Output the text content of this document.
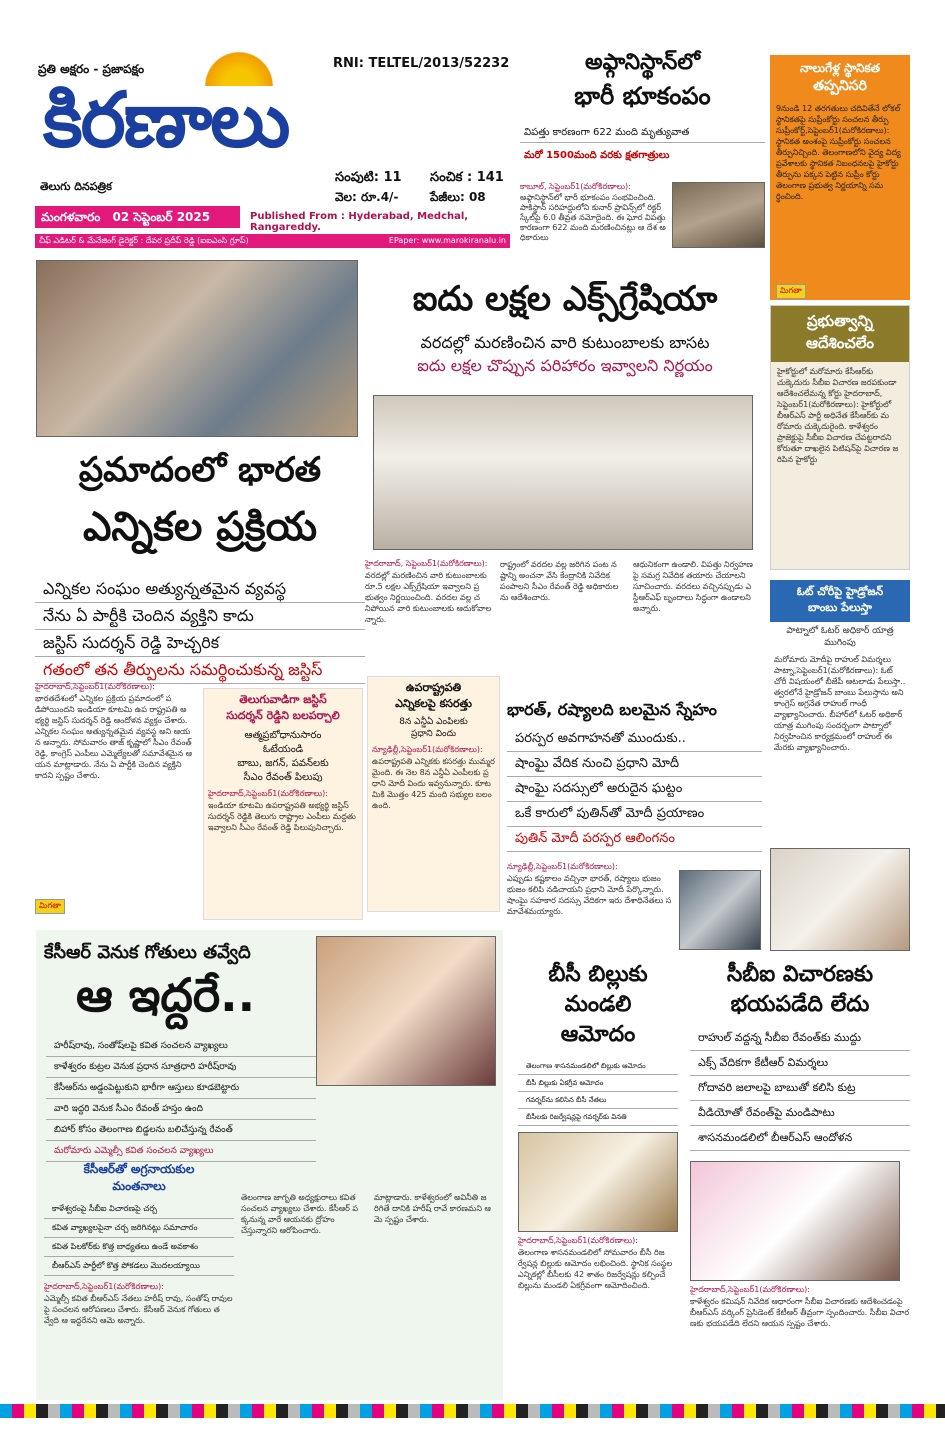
ప్రతి అక్షరం - ప్రజాపక్షం
కిరణాలు
తెలుగు దినపత్రిక
RNI: TELTEL/2013/52232
సంపుటి: 11 సంచిక : 141
వెల: రూ.4/-	పేజీలు: 08
మంగళవారం 02 సెప్టెంబర్ 2025	Published From : Hyderabad, Medchal, Rangareddy.
చీఫ్ ఎడిటర్ & మేనేజింగ్ డైరెక్టర్ : దేవర ప్రదీప్ రెడ్డి (ఐఐఎంసి గ్రూప్)	EPaper: www.marokiranalu.in
అఫ్గానిస్థాన్‌లో
భారీ భూకంపం
విపత్తు కారణంగా 622 మంది మృత్యువాత
మరో 1500మంది వరకు క్షతగాత్రులు
కాబూల్, సెప్టెంబర్1(మరోకిరణాలు):
అఫ్గానిస్థాన్‌లో భారీ భూకంపం సంభవించింది. పాకిస్థాన్ సరిహద్దులోని కునార్ ప్రావిన్స్‌లో రిక్టర్ స్కేల్‌పై 6.0 తీవ్రత నమోదైంది. ఈ ఘోర విపత్తు కారణంగా 622 మంది మరణించినట్లు ఆ దేశ అధికారులు
నాలుగేళ్ల స్థానికత
తప్పనిసరి
9నుండి 12 తరగతులు చదివితేనే లోకల్ స్థానికతపై సుప్రీంకోర్టు సంచలన తీర్పు సుప్రీంకోర్ట్,సెప్టెంబర్1(మరోకిరణాలు): స్థానికత అంశంపై సుప్రీంకోర్టు సంచలన తీర్పునిచ్చింది. తెలంగాణలోని వైద్య విద్య ప్రవేశాలకు స్థానికత నిబంధనలపై హైకోర్టు తీర్పును పక్కన పెట్టిన సుప్రీం కోర్టు తెలంగాణ ప్రభుత్వ నిర్ణయాన్ని సమర్థించింది.
మిగతా
ప్రభుత్వాన్ని
ఆదేశించలేం
హైకోర్టులో మరోమారు కేసీఆర్‌కు చుక్కెదురు సీబీఐ విచారణ జరపకుండా ఆదేశించలేమన్న కోర్టు హైదరాబాద్,సెప్టెంబర్1(మరోకిరణాలు): హైకోర్టులో బీఆర్ఎస్ పార్టీ అధినేత కేసీఆర్‌కు మరోమారు చుక్కెదురైంది. కాళేశ్వరం ప్రాజెక్టుపై సీబీఐ విచారణ చేపట్టరాదని కోరుతూ దాఖలైన పిటిషన్‌పై విచారణ జరిపిన హైకోర్టు
ఓట్ చోరీపై హైడ్రోజన్
బాంబు పేలుస్తా
పాట్నాలో ఓటర్ అధికార్ యాత్ర ముగింపు
మరోమారు మోదీపై రాహుల్ విమర్శలు పాట్నా,సెప్టెంబర్1(మరోకిరణాలు): ఓట్ చోరీ విషయంలో బీజేపీ ఆటలాడు పేలుస్తా.. త్వరలోనే హైడ్రోజన్ బాంబు పేలుస్తాను అని కాంగ్రెస్ అగ్రనేత రాహుల్ గాంధీ వ్యాఖ్యానించారు. బీహార్‌లో ఓటర్ అధికార్ యాత్ర ముగింపు సందర్భంగా పాట్నాలో నిర్వహించిన కార్యక్రమంలో రాహుల్ ఈ మేరకు వ్యాఖ్యానించారు.
ఐదు లక్షల ఎక్స్‌గ్రేషియా
వరదల్లో మరణించిన వారి కుటుంబాలకు బాసట
ఐదు లక్షల చొప్పున పరిహారం ఇవ్వాలని నిర్ణయం
హైదరాబాద్, సెప్టెంబర్1(మరోకిరణాలు):
వరదల్లో మరణించిన వారి కుటుంబాలకు రూ.5 లక్షల ఎక్స్‌గ్రేషియా ఇవ్వాలని ప్రభుత్వం నిర్ణయించింది. వరదల వల్ల చనిపోయిన వారి కుటుంబాలకు ఆదుకోవాలన్నారు.
రాష్ట్రంలో వరదల వల్ల జరిగిన పంట నష్టాన్ని అంచనా వేసి కేంద్రానికి నివేదిక పంపాలని సీఎం రేవంత్ రెడ్డి అధికారులను ఆదేశించారు.
ఆధునికంగా ఉండాలి. విపత్తు నిర్వహణపై సమగ్ర నివేదిక తయారు చేయాలని సూచించారు. వరదలు వచ్చినప్పుడు ఎస్డీఆర్ఎఫ్ బృందాలు సిద్ధంగా ఉండాలని అన్నారు.
ప్రమాదంలో భారత
ఎన్నికల ప్రక్రియ
ఎన్నికల సంఘం అత్యున్నతమైన వ్యవస్థ
నేను ఏ పార్టీకి చెందిన వ్యక్తిని కాదు
జస్టిస్ సుదర్శన్ రెడ్డి హెచ్చరిక
గతంలో తన తీర్పులను సమర్థించుకున్న జస్టిస్
హైదరాబాద్,సెప్టెంబర్1(మరోకిరణాలు):
భారతదేశంలో ఎన్నికల ప్రక్రియ ప్రమాదంలో పడిపోయిందని ఇండియా కూటమి ఉప రాష్ట్రపతి అభ్యర్థి జస్టిస్ సుదర్శన్ రెడ్డి ఆందోళన వ్యక్తం చేశారు. ఎన్నికల సంఘం అత్యున్నతమైన వ్యవస్థ అని ఆయన అన్నారు. సోమవారం తాజ్ కృష్ణాలో సీఎం రేవంత్ రెడ్డి, కాంగ్రెస్ ఎంపీలు ఎమ్మెల్యేలతో సమావేశమైన ఆయన మాట్లాడారు. నేను ఏ పార్టీకి చెందిన వ్యక్తిని కాదని స్పష్టం చేశారు.
మిగతా
తెలుగువాడిగా జస్టిస్
సుదర్శన్ రెడ్డిని బలపర్చాలి
ఆత్మప్రబోధానుసారం
ఓటేయండి
బాబు, జగన్, పవన్‌లకు
సీఎం రేవంత్ పిలుపు
హైదరాబాద్,సెప్టెంబర్1(మరోకిరణాలు):
ఇండియా కూటమి ఉపరాష్ట్రపతి అభ్యర్థి జస్టిస్ సుదర్శన్ రెడ్డికి తెలుగు రాష్ట్రాల ఎంపీలు మద్దతు ఇవ్వాలని సీఎం రేవంత్ రెడ్డి పిలుపునిచ్చారు.
ఉపరాష్ట్రపతి
ఎన్నికలపై కసరత్తు
8న ఎన్డీఏ ఎంపిలకు
ప్రధాని విందు
న్యూఢిల్లీ,సెప్టెంబర్1(మరోకిరణాలు):
ఉపరాష్ట్రపతి ఎన్నికకు కసరత్తు ముమ్మరమైంది. ఈ నెల 8న ఎన్డీఏ ఎంపీలకు ప్రధాని మోదీ విందు ఇవ్వనున్నారు. కూటమికి మొత్తం 425 మంది సభ్యుల బలం ఉంది.
భారత్, రష్యాలది బలమైన స్నేహం
పరస్పర అవగాహనతో ముందుకు..
షాంఘై వేదిక నుంచి ప్రధాని మోదీ
షాంఘై సదస్సులో అరుదైన ఘట్టం
ఒకే కారులో పుతిన్‌తో మోదీ ప్రయాణం
పుతిన్ మోదీ పరస్పర ఆలింగనం
న్యూఢిల్లీ,సెప్టెంబర్1(మరోకిరణాలు):
ఎప్పుడు కష్టకాలం వచ్చినా భారత్, రష్యాలు భుజం భుజం కలిపి నడిచాయని ప్రధాని మోదీ పేర్కొన్నారు. షాంఘై సహకార సదస్సు వేదికగా ఇరు దేశాధినేతలు సమావేశమయ్యారు.
కేసీఆర్ వెనుక గోతులు తవ్వేది
ఆ ఇద్దరే..
హరీష్‌రావు, సంతోష్‌లపై కవిత సంచలన వ్యాఖ్యలు
కాళేశ్వరం కుట్రల వెనుక ప్రధాన సూత్రధారి హరీష్‌రావు
కేసీఆర్‌ను అడ్డంపెట్టుకుని భారీగా ఆస్తులు కూడబెట్టారు
వారి ఇద్దరి వెనుక సీఎం రేవంత్ హస్తం ఉంది
బిహార్ కోసం తెలంగాణ బిడ్డలను బలిచేస్తున్న రేవంత్
మరోమారు ఎమ్మెల్సీ కవిత సంచలన వ్యాఖ్యలు
కేసీఆర్‌తో అగ్రనాయకుల
మంతనాలు
కాళేశ్వరంపై సీబీఐ విచారణపై చర్చ
కవిత వ్యాఖ్యలపైనా చర్చ జరిగినట్లు సమాచారం
కవిత పిలకోర్‌కు కొత్త బాధ్యతలు ఉండే అవకాశం
బీఆర్ఎస్ పార్టీలో కొత్త పోకడలు మొదలయ్యాయి
హైదరాబాద్,సెప్టెంబర్1(మరోకిరణాలు):
ఎమ్మెల్సీ కవిత బీఆర్ఎస్ నేతలు హరీష్ రావు, సంతోష్ రావులపై సంచలన ఆరోపణలు చేశారు. కేసీఆర్ వెనుక గోతులు తవ్వేది ఆ ఇద్దరేనని ఆమె అన్నారు.
తెలంగాణ జాగృతి అధ్యక్షురాలు కవిత సంచలన వ్యాఖ్యలు చేశారు. కేసీఆర్ పక్కనున్న వారే ఆయనకు ద్రోహం చేస్తున్నారని ఆరోపించారు.
మాట్లాడారు. కాళేశ్వరంలో అవినీతి జరిగితే దానికి హరీష్ రావే కారణమని ఆమె స్పష్టం చేశారు.
బీసీ బిల్లుకు
మండలి
ఆమోదం
తెలంగాణ శాసనమండలిలో బిల్లుకు ఆమోదం
బీసీ బిల్లుకు ఏకగ్రీవ ఆమోదం
గవర్నర్‌ను కలిసిన బీసీ నేతలు
బీసీలకు రిజర్వేషన్లపై గవర్నర్‌కు వినతి
హైదరాబాద్,సెప్టెంబర్1(మరోకిరణాలు):
తెలంగాణ శాసనమండలిలో సోమవారం బీసీ రిజర్వేషన్ల బిల్లుకు ఆమోదం లభించింది. స్థానిక సంస్థల ఎన్నికల్లో బీసీలకు 42 శాతం రిజర్వేషన్లు కల్పించే బిల్లును మండలి ఏకగ్రీవంగా ఆమోదించింది.
సీబీఐ విచారణకు
భయపడేది లేదు
రాహుల్ వద్దన్న సీబీఐ రేవంత్‌కు ముద్దు
ఎక్స్ వేదికగా కేటీఆర్ విమర్శలు
గోదావరి జలాలపై బాబుతో కలిసి కుట్ర
వీడియోతో రేవంత్‌పై మండిపాటు
శాసనమండలిలో బీఆర్ఎస్ ఆందోళన
హైదరాబాద్,సెప్టెంబర్1(మరోకిరణాలు):
కాళేశ్వరం కమిషన్ నివేదిక ఆధారంగా సీబీఐ విచారణకు ఆదేశించడంపై బీఆర్ఎస్ వర్కింగ్ ప్రెసిడెంట్ కేటీఆర్ తీవ్రంగా స్పందించారు. సీబీఐ విచారణకు భయపడేది లేదని ఆయన స్పష్టం చేశారు.
